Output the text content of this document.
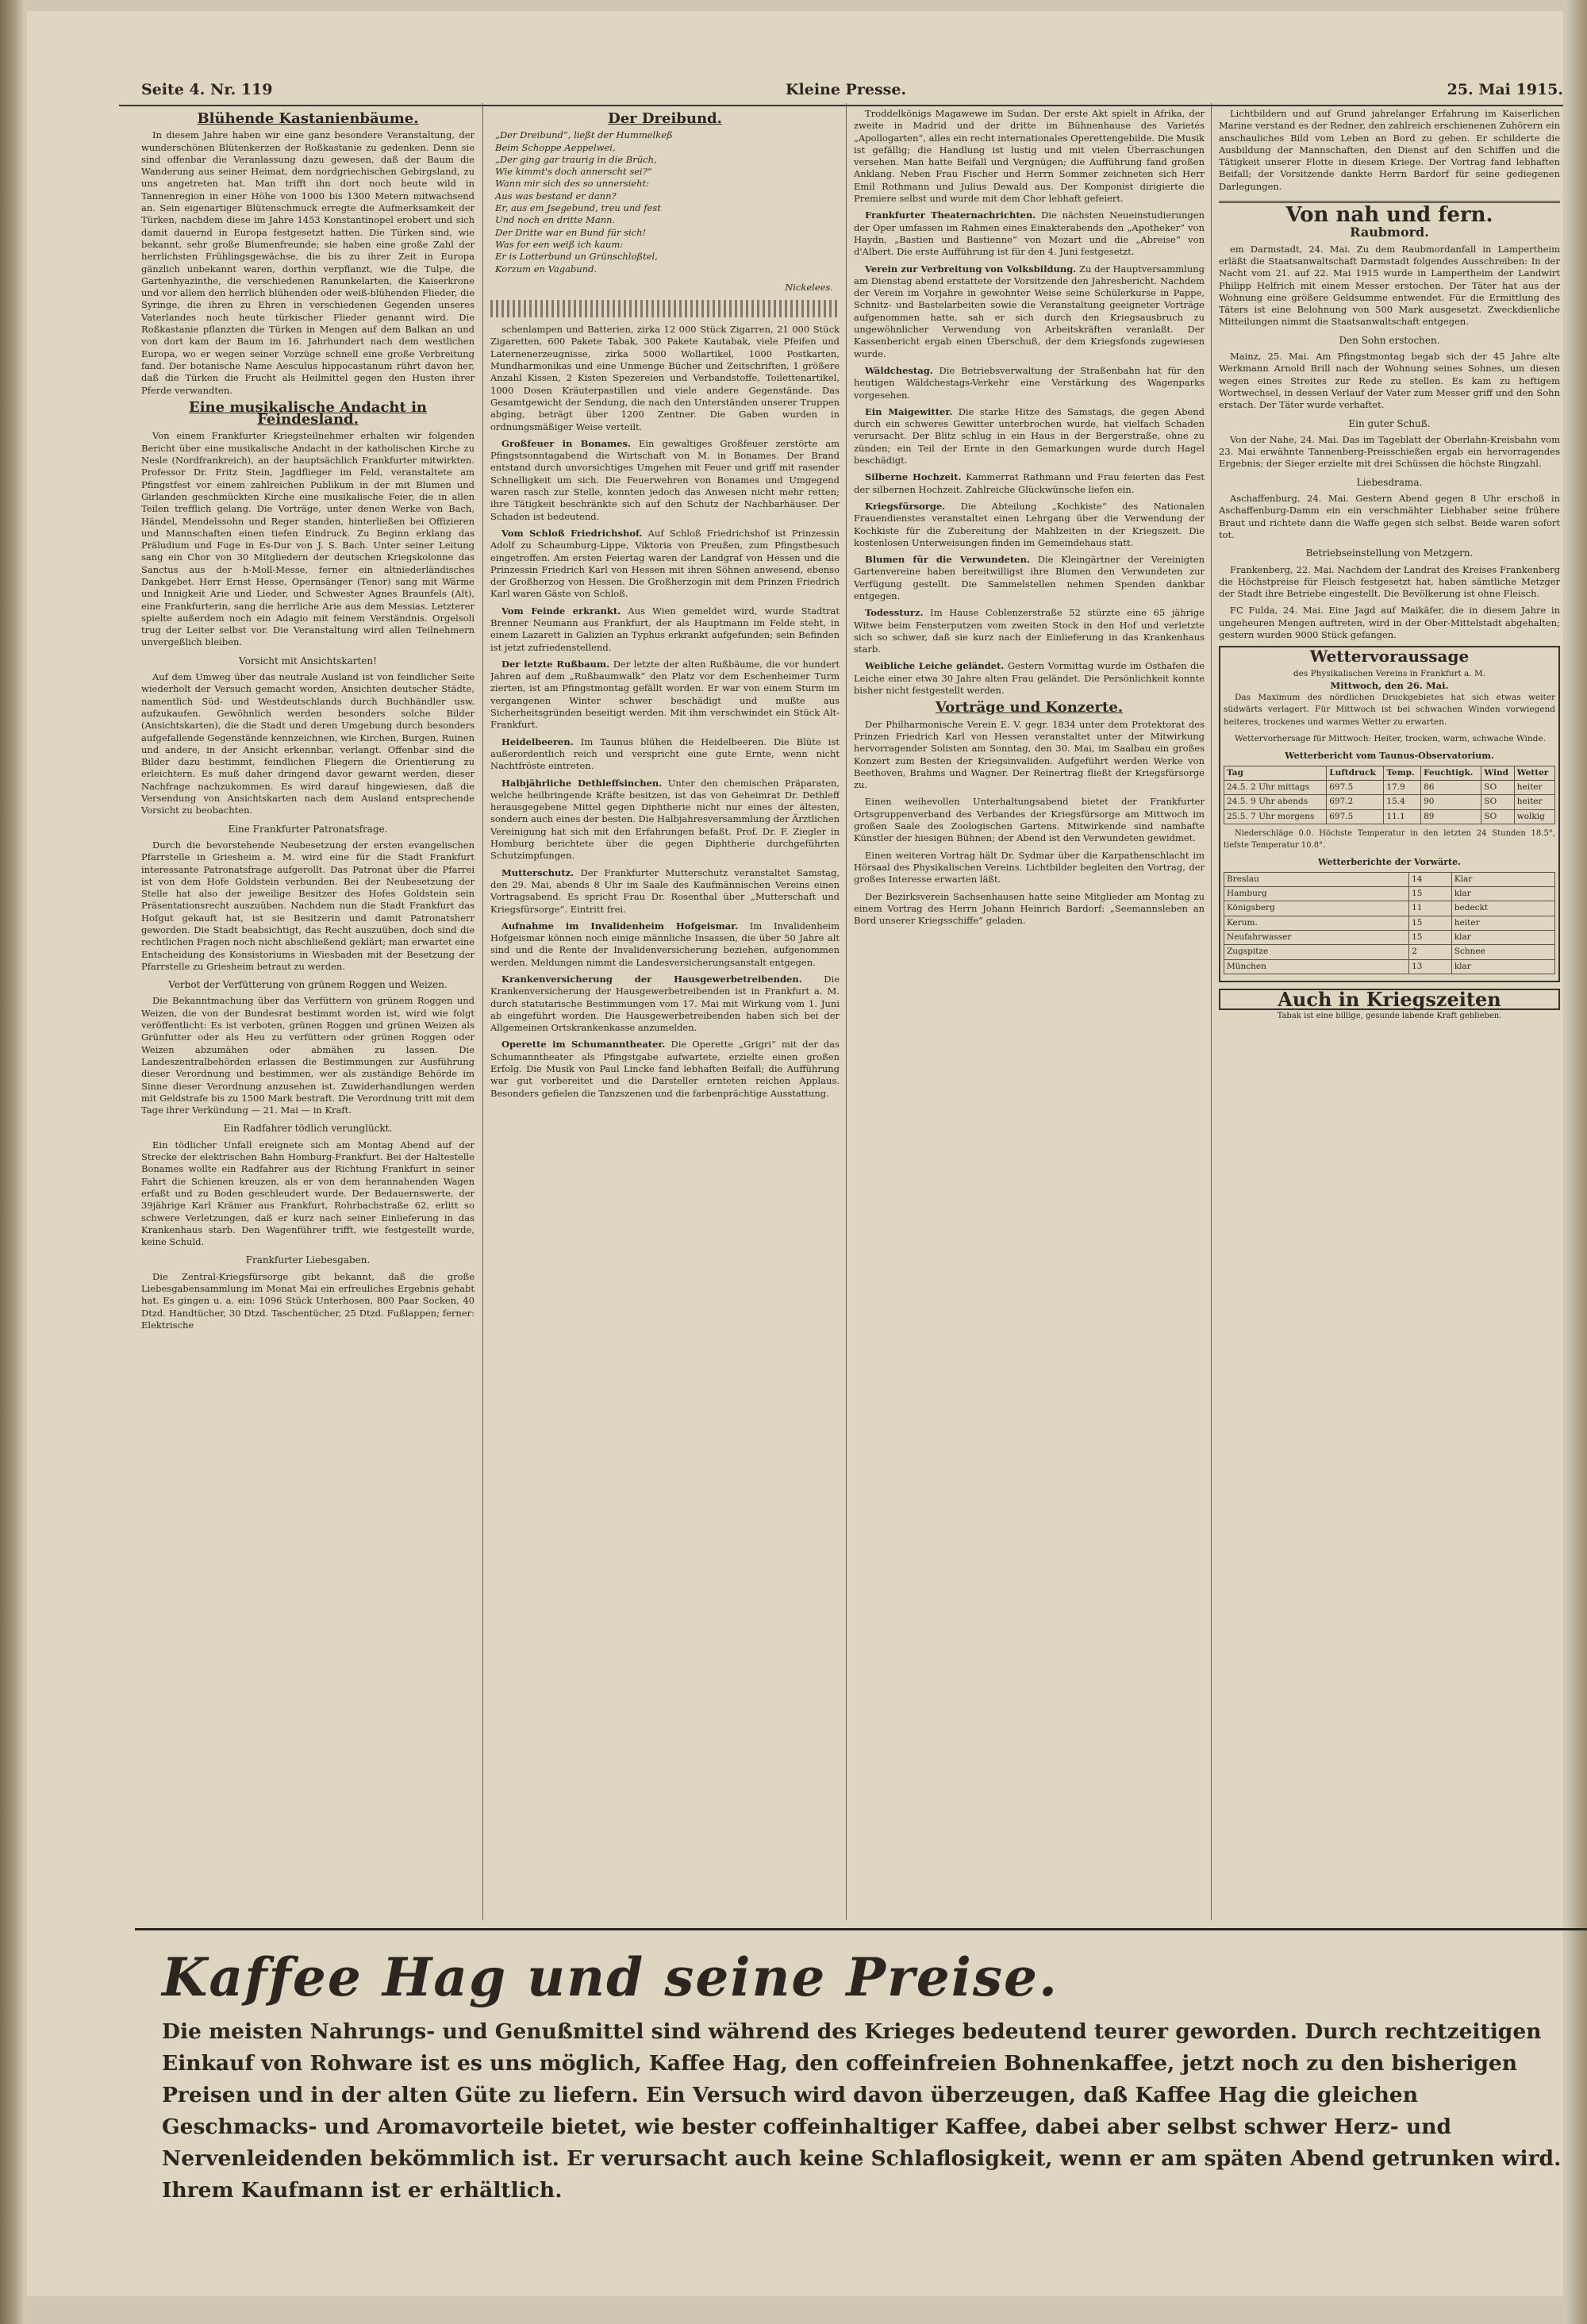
Seite 4. Nr. 119	Kleine Presse.	25. Mai 1915.
Blühende Kastanienbäume.

In diesem Jahre haben wir eine ganz besondere Veranstaltung, der wunderschönen Blütenkerzen der Roßkastanie zu gedenken. Denn sie sind offenbar die Veranlassung dazu gewesen, daß der Baum die Wanderung aus seiner Heimat, dem nordgriechischen Gebirgsland, zu uns angetreten hat. Man trifft ihn dort noch heute wild in Tannenregion in einer Höhe von 1000 bis 1300 Metern mitwachsend an. Sein eigenartiger Blütenschmuck erregte die Aufmerksamkeit der Türken, nachdem diese im Jahre 1453 Konstantinopel erobert und sich damit dauernd in Europa festgesetzt hatten. Die Türken sind, wie bekannt, sehr große Blumenfreunde; sie haben eine große Zahl der herrlichsten Frühlingsgewächse, die bis zu ihrer Zeit in Europa gänzlich unbekannt waren, dorthin verpflanzt, wie die Tulpe, die Gartenhyazinthe, die verschiedenen Ranunkelarten, die Kaiserkrone und vor allem den herrlich blühenden oder weiß-blühenden Flieder, die Syringe, die ihren zu Ehren in verschiedenen Gegenden unseres Vaterlandes noch heute türkischer Flieder genannt wird. Die Roßkastanie pflanzten die Türken in Mengen auf dem Balkan an und von dort kam der Baum im 16. Jahrhundert nach dem westlichen Europa, wo er wegen seiner Vorzüge schnell eine große Verbreitung fand. Der botanische Name Aesculus hippocastanum rührt davon her, daß die Türken die Frucht als Heilmittel gegen den Husten ihrer Pferde verwandten.

Eine musikalische Andacht in Feindesland.

Von einem Frankfurter Kriegsteilnehmer erhalten wir folgenden Bericht über eine musikalische Andacht in der katholischen Kirche zu Nesle (Nordfrankreich), an der hauptsächlich Frankfurter mitwirkten. Professor Dr. Fritz Stein, Jagdflieger im Feld, veranstaltete am Pfingstfest vor einem zahlreichen Publikum in der mit Blumen und Girlanden geschmückten Kirche eine musikalische Feier, die in allen Teilen trefflich gelang. Die Vorträge, unter denen Werke von Bach, Händel, Mendelssohn und Reger standen, hinterließen bei Offizieren und Mannschaften einen tiefen Eindruck. Zu Beginn erklang das Präludium und Fuge in Es-Dur von J. S. Bach. Unter seiner Leitung sang ein Chor von 30 Mitgliedern der deutschen Kriegskolonne das Sanctus aus der h-Moll-Messe, ferner ein altniederländisches Dankgebet. Herr Ernst Hesse, Opernsänger (Tenor) sang mit Wärme und Innigkeit Arie und Lieder, und Schwester Agnes Braunfels (Alt), eine Frankfurterin, sang die herrliche Arie aus dem Messias. Letzterer spielte außerdem noch ein Adagio mit feinem Verständnis. Orgelsoli trug der Leiter selbst vor. Die Veranstaltung wird allen Teilnehmern unvergeßlich bleiben.

Vorsicht mit Ansichtskarten!

Auf dem Umweg über das neutrale Ausland ist von feindlicher Seite wiederholt der Versuch gemacht worden, Ansichten deutscher Städte, namentlich Süd- und Westdeutschlands durch Buchhändler usw. aufzukaufen. Gewöhnlich werden besonders solche Bilder (Ansichtskarten), die die Stadt und deren Umgebung durch besonders aufgefallende Gegenstände kennzeichnen, wie Kirchen, Burgen, Ruinen und andere, in der Ansicht erkennbar, verlangt. Offenbar sind die Bilder dazu bestimmt, feindlichen Fliegern die Orientierung zu erleichtern. Es muß daher dringend davor gewarnt werden, dieser Nachfrage nachzukommen. Es wird darauf hingewiesen, daß die Versendung von Ansichtskarten nach dem Ausland entsprechende Vorsicht zu beobachten.

Eine Frankfurter Patronatsfrage.

Durch die bevorstehende Neubesetzung der ersten evangelischen Pfarrstelle in Griesheim a. M. wird eine für die Stadt Frankfurt interessante Patronatsfrage aufgerollt. Das Patronat über die Pfarrei ist von dem Hofe Goldstein verbunden. Bei der Neubesetzung der Stelle hat also der jeweilige Besitzer des Hofes Goldstein sein Präsentationsrecht auszuüben. Nachdem nun die Stadt Frankfurt das Hofgut gekauft hat, ist sie Besitzerin und damit Patronatsherr geworden. Die Stadt beabsichtigt, das Recht auszuüben, doch sind die rechtlichen Fragen noch nicht abschließend geklärt; man erwartet eine Entscheidung des Konsistoriums in Wiesbaden mit der Besetzung der Pfarrstelle zu Griesheim betraut zu werden.

Verbot der Verfütterung von grünem Roggen und Weizen.

Die Bekanntmachung über das Verfüttern von grünem Roggen und Weizen, die von der Bundesrat bestimmt worden ist, wird wie folgt veröffentlicht: Es ist verboten, grünen Roggen und grünen Weizen als Grünfutter oder als Heu zu verfüttern oder grünen Roggen oder Weizen abzumähen oder abmähen zu lassen. Die Landeszentralbehörden erlassen die Bestimmungen zur Ausführung dieser Verordnung und bestimmen, wer als zuständige Behörde im Sinne dieser Verordnung anzusehen ist. Zuwiderhandlungen werden mit Geldstrafe bis zu 1500 Mark bestraft. Die Verordnung tritt mit dem Tage ihrer Verkündung — 21. Mai — in Kraft.

Ein Radfahrer tödlich verunglückt.

Ein tödlicher Unfall ereignete sich am Montag Abend auf der Strecke der elektrischen Bahn Homburg-Frankfurt. Bei der Haltestelle Bonames wollte ein Radfahrer aus der Richtung Frankfurt in seiner Fahrt die Schienen kreuzen, als er von dem herannahenden Wagen erfaßt und zu Boden geschleudert wurde. Der Bedauernswerte, der 39jährige Karl Krämer aus Frankfurt, Rohrbachstraße 62, erlitt so schwere Verletzungen, daß er kurz nach seiner Einlieferung in das Krankenhaus starb. Den Wagenführer trifft, wie festgestellt wurde, keine Schuld.

Frankfurter Liebesgaben.

Die Zentral-Kriegsfürsorge gibt bekannt, daß die große Liebesgabensammlung im Monat Mai ein erfreuliches Ergebnis gehabt hat. Es gingen u. a. ein: 1096 Stück Unterhosen, 800 Paar Socken, 40 Dtzd. Handtücher, 30 Dtzd. Taschentücher, 25 Dtzd. Fußlappen; ferner: Elektrische

Der Dreibund.
„Der Dreibund“, ließt der Hummelkeß
Beim Schoppe Aeppelwei,
„Der ging gar traurig in die Brüch,
Wie kimmt's doch annerscht sei?“
Wann mir sich des so unnersieht:
Aus was bestand er dann?
Er, aus em Jsegebund, treu und fest
Und noch en dritte Mann.
Der Dritte war en Bund für sich!
Was for een weiß ich kaum:
Er is Lotterbund un Grünschloßtel,
Korzum en Vagabund.
Nickelees.

schenlampen und Batterien, zirka 12 000 Stück Zigarren, 21 000 Stück Zigaretten, 600 Pakete Tabak, 300 Pakete Kautabak, viele Pfeifen und Laternenerzeugnisse, zirka 5000 Wollartikel, 1000 Postkarten, Mundharmonikas und eine Unmenge Bücher und Zeitschriften, 1 größere Anzahl Kissen, 2 Kisten Spezereien und Verbandstoffe, Toilettenartikel, 1000 Dosen Kräuterpastillen und viele andere Gegenstände. Das Gesamtgewicht der Sendung, die nach den Unterständen unserer Truppen abging, beträgt über 1200 Zentner. Die Gaben wurden in ordnungsmäßiger Weise verteilt.

Großfeuer in Bonames. Ein gewaltiges Großfeuer zerstörte am Pfingstsonntagabend die Wirtschaft von M. in Bonames. Der Brand entstand durch unvorsichtiges Umgehen mit Feuer und griff mit rasender Schnelligkeit um sich. Die Feuerwehren von Bonames und Umgegend waren rasch zur Stelle, konnten jedoch das Anwesen nicht mehr retten; ihre Tätigkeit beschränkte sich auf den Schutz der Nachbarhäuser. Der Schaden ist bedeutend.

Vom Schloß Friedrichshof. Auf Schloß Friedrichshof ist Prinzessin Adolf zu Schaumburg-Lippe, Viktoria von Preußen, zum Pfingstbesuch eingetroffen. Am ersten Feiertag waren der Landgraf von Hessen und die Prinzessin Friedrich Karl von Hessen mit ihren Söhnen anwesend, ebenso der Großherzog von Hessen. Die Großherzogin mit dem Prinzen Friedrich Karl waren Gäste von Schloß.

Vom Feinde erkrankt. Aus Wien gemeldet wird, wurde Stadtrat Brenner Neumann aus Frankfurt, der als Hauptmann im Felde steht, in einem Lazarett in Galizien an Typhus erkrankt aufgefunden; sein Befinden ist jetzt zufriedenstellend.

Der letzte Rußbaum. Der letzte der alten Rußbäume, die vor hundert Jahren auf dem „Rußbaumwalk“ den Platz vor dem Eschenheimer Turm zierten, ist am Pfingstmontag gefällt worden. Er war von einem Sturm im vergangenen Winter schwer beschädigt und mußte aus Sicherheitsgründen beseitigt werden. Mit ihm verschwindet ein Stück Alt-Frankfurt.

Heidelbeeren. Im Taunus blühen die Heidelbeeren. Die Blüte ist außerordentlich reich und verspricht eine gute Ernte, wenn nicht Nachtfröste eintreten.

Halbjährliche Dethleffsinchen. Unter den chemischen Präparaten, welche heilbringende Kräfte besitzen, ist das von Geheimrat Dr. Dethleff herausgegebene Mittel gegen Diphtherie nicht nur eines der ältesten, sondern auch eines der besten. Die Halbjahresversammlung der Ärztlichen Vereinigung hat sich mit den Erfahrungen befaßt. Prof. Dr. F. Ziegler in Homburg berichtete über die gegen Diphtherie durchgeführten Schutzimpfungen.

Mutterschutz. Der Frankfurter Mutterschutz veranstaltet Samstag, den 29. Mai, abends 8 Uhr im Saale des Kaufmännischen Vereins einen Vortragsabend. Es spricht Frau Dr. Rosenthal über „Mutterschaft und Kriegsfürsorge“. Eintritt frei.

Aufnahme im Invalidenheim Hofgeismar. Im Invalidenheim Hofgeismar können noch einige männliche Insassen, die über 50 Jahre alt sind und die Rente der Invalidenversicherung beziehen, aufgenommen werden. Meldungen nimmt die Landesversicherungsanstalt entgegen.

Krankenversicherung der Hausgewerbetreibenden. Die Krankenversicherung der Hausgewerbetreibenden ist in Frankfurt a. M. durch statutarische Bestimmungen vom 17. Mai mit Wirkung vom 1. Juni ab eingeführt worden. Die Hausgewerbetreibenden haben sich bei der Allgemeinen Ortskrankenkasse anzumelden.

Operette im Schumanntheater. Die Operette „Grigri“ mit der das Schumanntheater als Pfingstgabe aufwartete, erzielte einen großen Erfolg. Die Musik von Paul Lincke fand lebhaften Beifall; die Aufführung war gut vorbereitet und die Darsteller ernteten reichen Applaus. Besonders gefielen die Tanzszenen und die farbenprächtige Ausstattung.

Troddelkönigs Magawewe im Sudan. Der erste Akt spielt in Afrika, der zweite in Madrid und der dritte im Bühnenhause des Varietés „Apollogarten“, alles ein recht internationales Operettengebilde. Die Musik ist gefällig; die Handlung ist lustig und mit vielen Überraschungen versehen. Man hatte Beifall und Vergnügen; die Aufführung fand großen Anklang. Neben Frau Fischer und Herrn Sommer zeichneten sich Herr Emil Rothmann und Julius Dewald aus. Der Komponist dirigierte die Premiere selbst und wurde mit dem Chor lebhaft gefeiert.

Frankfurter Theaternachrichten. Die nächsten Neueinstudierungen der Oper umfassen im Rahmen eines Einakterabends den „Apotheker“ von Haydn, „Bastien und Bastienne“ von Mozart und die „Abreise“ von d'Albert. Die erste Aufführung ist für den 4. Juni festgesetzt.

Verein zur Verbreitung von Volksbildung. Zu der Hauptversammlung am Dienstag abend erstattete der Vorsitzende den Jahresbericht. Nachdem der Verein im Vorjahre in gewohnter Weise seine Schülerkurse in Pappe, Schnitz- und Bastelarbeiten sowie die Veranstaltung geeigneter Vorträge aufgenommen hatte, sah er sich durch den Kriegsausbruch zu ungewöhnlicher Verwendung von Arbeitskräften veranlaßt. Der Kassenbericht ergab einen Überschuß, der dem Kriegsfonds zugewiesen wurde.

Wäldchestag. Die Betriebsverwaltung der Straßenbahn hat für den heutigen Wäldchestags-Verkehr eine Verstärkung des Wagenparks vorgesehen.

Ein Maigewitter. Die starke Hitze des Samstags, die gegen Abend durch ein schweres Gewitter unterbrochen wurde, hat vielfach Schaden verursacht. Der Blitz schlug in ein Haus in der Bergerstraße, ohne zu zünden; ein Teil der Ernte in den Gemarkungen wurde durch Hagel beschädigt.

Silberne Hochzeit. Kammerrat Rathmann und Frau feierten das Fest der silbernen Hochzeit. Zahlreiche Glückwünsche liefen ein.

Kriegsfürsorge. Die Abteilung „Kochkiste“ des Nationalen Frauendienstes veranstaltet einen Lehrgang über die Verwendung der Kochkiste für die Zubereitung der Mahlzeiten in der Kriegszeit. Die kostenlosen Unterweisungen finden im Gemeindehaus statt.

Blumen für die Verwundeten. Die Kleingärtner der Vereinigten Gartenvereine haben bereitwilligst ihre Blumen den Verwundeten zur Verfügung gestellt. Die Sammelstellen nehmen Spenden dankbar entgegen.

Todessturz. Im Hause Coblenzerstraße 52 stürzte eine 65 jährige Witwe beim Fensterputzen vom zweiten Stock in den Hof und verletzte sich so schwer, daß sie kurz nach der Einlieferung in das Krankenhaus starb.

Weibliche Leiche geländet. Gestern Vormittag wurde im Osthafen die Leiche einer etwa 30 Jahre alten Frau geländet. Die Persönlichkeit konnte bisher nicht festgestellt werden.

Vorträge und Konzerte.

Der Philharmonische Verein E. V. gegr. 1834 unter dem Protektorat des Prinzen Friedrich Karl von Hessen veranstaltet unter der Mitwirkung hervorragender Solisten am Sonntag, den 30. Mai, im Saalbau ein großes Konzert zum Besten der Kriegsinvaliden. Aufgeführt werden Werke von Beethoven, Brahms und Wagner. Der Reinertrag fließt der Kriegsfürsorge zu.

Einen weihevollen Unterhaltungsabend bietet der Frankfurter Ortsgruppenverband des Verbandes der Kriegsfürsorge am Mittwoch im großen Saale des Zoologischen Gartens. Mitwirkende sind namhafte Künstler der hiesigen Bühnen; der Abend ist den Verwundeten gewidmet.

Einen weiteren Vortrag hält Dr. Sydmar über die Karpathenschlacht im Hörsaal des Physikalischen Vereins. Lichtbilder begleiten den Vortrag, der großes Interesse erwarten läßt.

Der Bezirksverein Sachsenhausen hatte seine Mitglieder am Montag zu einem Vortrag des Herrn Johann Heinrich Bardorf: „Seemannsleben an Bord unserer Kriegsschiffe“ geladen.

Lichtbildern und auf Grund jahrelanger Erfahrung im Kaiserlichen Marine verstand es der Redner, den zahlreich erschienenen Zuhörern ein anschauliches Bild vom Leben an Bord zu geben. Er schilderte die Ausbildung der Mannschaften, den Dienst auf den Schiffen und die Tätigkeit unserer Flotte in diesem Kriege. Der Vortrag fand lebhaften Beifall; der Vorsitzende dankte Herrn Bardorf für seine gediegenen Darlegungen.

Von nah und fern.
Raubmord.

em Darmstadt, 24. Mai. Zu dem Raubmordanfall in Lampertheim erläßt die Staatsanwaltschaft Darmstadt folgendes Ausschreiben: In der Nacht vom 21. auf 22. Mai 1915 wurde in Lampertheim der Landwirt Philipp Helfrich mit einem Messer erstochen. Der Täter hat aus der Wohnung eine größere Geldsumme entwendet. Für die Ermittlung des Täters ist eine Belohnung von 500 Mark ausgesetzt. Zweckdienliche Mitteilungen nimmt die Staatsanwaltschaft entgegen.

Den Sohn erstochen.

Mainz, 25. Mai. Am Pfingstmontag begab sich der 45 Jahre alte Werkmann Arnold Brill nach der Wohnung seines Sohnes, um diesen wegen eines Streites zur Rede zu stellen. Es kam zu heftigem Wortwechsel, in dessen Verlauf der Vater zum Messer griff und den Sohn erstach. Der Täter wurde verhaftet.

Ein guter Schuß.

Von der Nahe, 24. Mai. Das im Tageblatt der Oberlahn-Kreisbahn vom 23. Mai erwähnte Tannenberg-Preisschießen ergab ein hervorragendes Ergebnis; der Sieger erzielte mit drei Schüssen die höchste Ringzahl.

Liebesdrama.

Aschaffenburg, 24. Mai. Gestern Abend gegen 8 Uhr erschoß in Aschaffenburg-Damm ein ein verschmähter Liebhaber seine frühere Braut und richtete dann die Waffe gegen sich selbst. Beide waren sofort tot.

Betriebseinstellung von Metzgern.

Frankenberg, 22. Mai. Nachdem der Landrat des Kreises Frankenberg die Höchstpreise für Fleisch festgesetzt hat, haben sämtliche Metzger der Stadt ihre Betriebe eingestellt. Die Bevölkerung ist ohne Fleisch.

FC Fulda, 24. Mai. Eine Jagd auf Maikäfer, die in diesem Jahre in ungeheuren Mengen auftreten, wird in der Ober-Mittelstadt abgehalten; gestern wurden 9000 Stück gefangen.

Wettervoraussage
des Physikalischen Vereins in Frankfurt a. M.
Mittwoch, den 26. Mai.

Das Maximum des nördlichen Druckgebietes hat sich etwas weiter südwärts verlagert. Für Mittwoch ist bei schwachen Winden vorwiegend heiteres, trockenes und warmes Wetter zu erwarten.

Wettervorhersage für Mittwoch: Heiter, trocken, warm, schwache Winde.

Wetterbericht vom Taunus-Observatorium.
Tag	Luftdruck	Temp.	Feuchtigk.	Wind	Wetter
24.5. 2 Uhr mittags	697.5	17.9	86	SO	heiter
24.5. 9 Uhr abends	697.2	15.4	90	SO	heiter
25.5. 7 Uhr morgens	697.5	11.1	89	SO	wolkig

Niederschläge 0.0. Höchste Temperatur in den letzten 24 Stunden 18.5°, tiefste Temperatur 10.8°.

Wetterberichte der Vorwärte.
Breslau	14	Klar
Hamburg	15	klar
Königsberg	11	bedeckt
Kerum.	15	heiter
Neufahrwasser	15	klar
Zugspitze	2	Schnee
München	13	klar
Auch in Kriegszeiten
Tabak ist eine billige, gesunde labende Kraft geblieben.
Kaffee Hag und seine Preise.
Die meisten Nahrungs- und Genußmittel sind während des Krieges bedeutend teurer geworden. Durch rechtzeitigen Einkauf von Rohware ist es uns möglich, Kaffee Hag, den coffeinfreien Bohnenkaffee, jetzt noch zu den bisherigen Preisen und in der alten Güte zu liefern. Ein Versuch wird davon überzeugen, daß Kaffee Hag die gleichen Geschmacks- und Aromavorteile bietet, wie bester coffeinhaltiger Kaffee, dabei aber selbst schwer Herz- und Nervenleidenden bekömmlich ist. Er verursacht auch keine Schlaflosigkeit, wenn er am späten Abend getrunken wird. Ihrem Kaufmann ist er erhältlich.
